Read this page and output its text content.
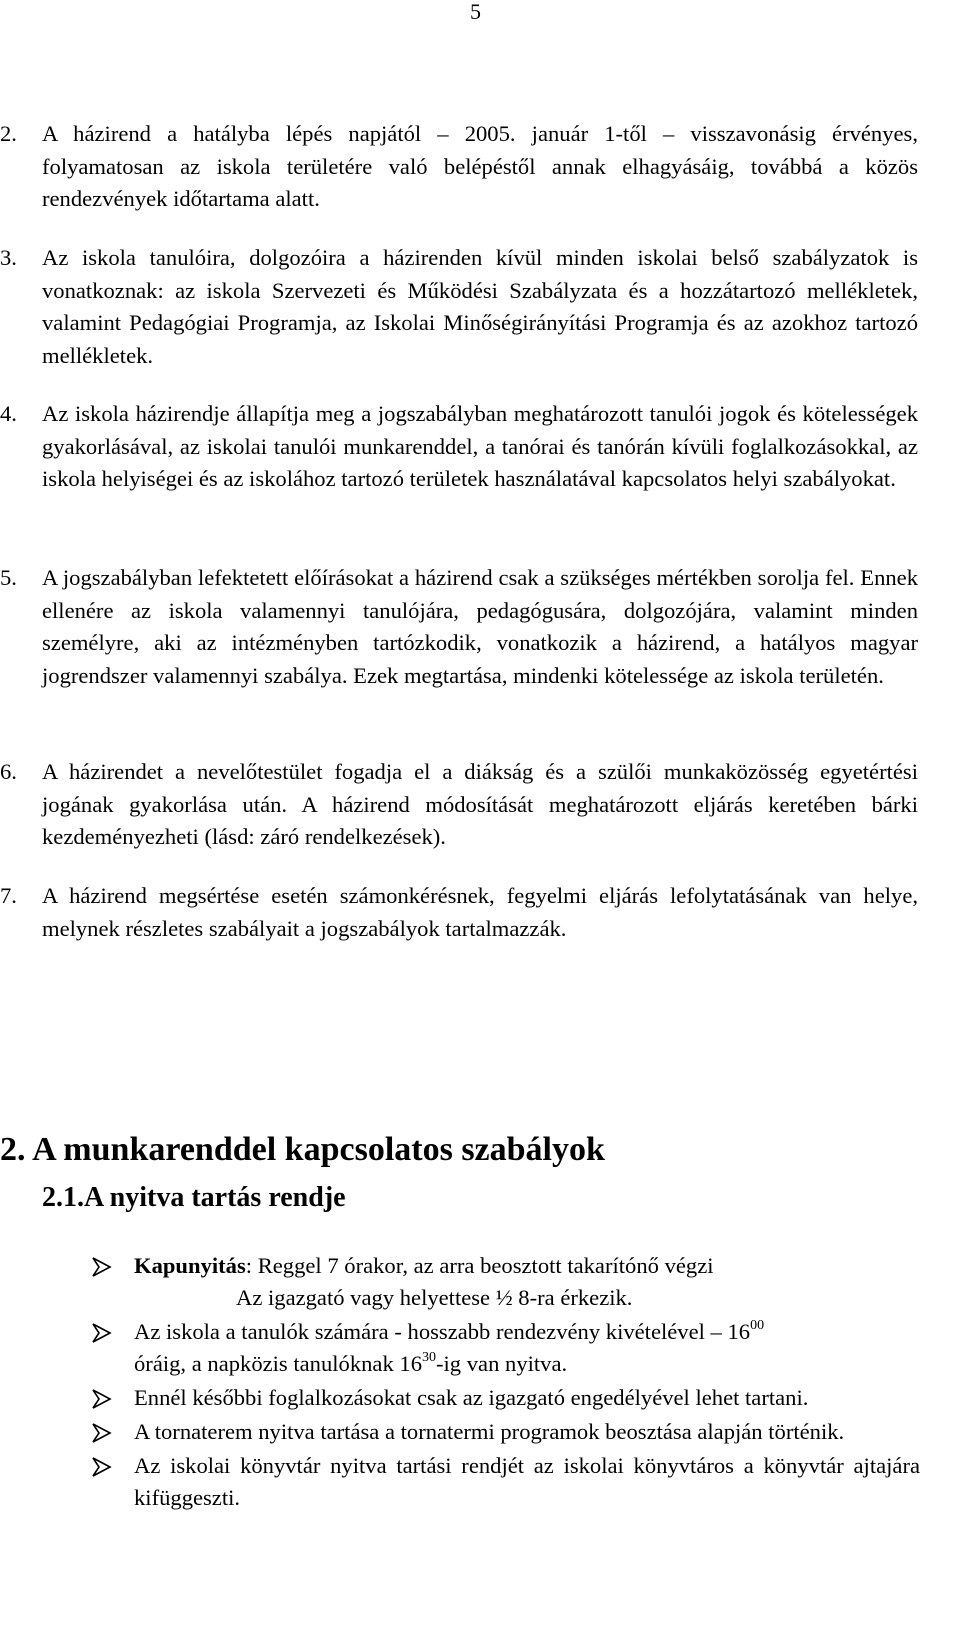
5
2. A házirend a hatályba lépés napjától – 2005. január 1-től – visszavonásig érvényes, folyamatosan az iskola területére való belépéstől annak elhagyásáig, továbbá a közös rendezvények időtartama alatt.
3. Az iskola tanulóira, dolgozóira a házirenden kívül minden iskolai belső szabályzatok is vonatkoznak: az iskola Szervezeti és Működési Szabályzata és a hozzátartozó mellékletek, valamint Pedagógiai Programja, az Iskolai Minőségirányítási Programja és az azokhoz tartozó mellékletek.
4. Az iskola házirendje állapítja meg a jogszabályban meghatározott tanulói jogok és kötelességek gyakorlásával, az iskolai tanulói munkarenddel, a tanórai és tanórán kívüli foglalkozásokkal, az iskola helyiségei és az iskolához tartozó területek használatával kapcsolatos helyi szabályokat.
5. A jogszabályban lefektetett előírásokat a házirend csak a szükséges mértékben sorolja fel. Ennek ellenére az iskola valamennyi tanulójára, pedagógusára, dolgozójára, valamint minden személyre, aki az intézményben tartózkodik, vonatkozik a házirend, a hatályos magyar jogrendszer valamennyi szabálya. Ezek megtartása, mindenki kötelessége az iskola területén.
6. A házirendet a nevelőtestület fogadja el a diákság és a szülői munkaközösség egyetértési jogának gyakorlása után. A házirend módosítását meghatározott eljárás keretében bárki kezdeményezheti (lásd: záró rendelkezések).
7. A házirend megsértése esetén számonkérésnek, fegyelmi eljárás lefolytatásának van helye, melynek részletes szabályait a jogszabályok tartalmazzák.
2. A munkarenddel kapcsolatos szabályok
2.1.A nyitva tartás rendje
Kapunyitás: Reggel 7 órakor, az arra beosztott takarítónő végzi
Az igazgató vagy helyettese ½ 8-ra érkezik.
Az iskola a tanulók számára - hosszabb rendezvény kivételével – $16^{00}$
óráig, a napközis tanulóknak $16^{30}-ig$ van nyitva.
Ennél későbbi foglalkozásokat csak az igazgató engedélyével lehet tartani.
A tornaterem nyitva tartása a tornatermi programok beosztása alapján történik.
Az iskolai könyvtár nyitva tartási rendjét az iskolai könyvtáros a könyvtár ajtajára kifüggeszti.
